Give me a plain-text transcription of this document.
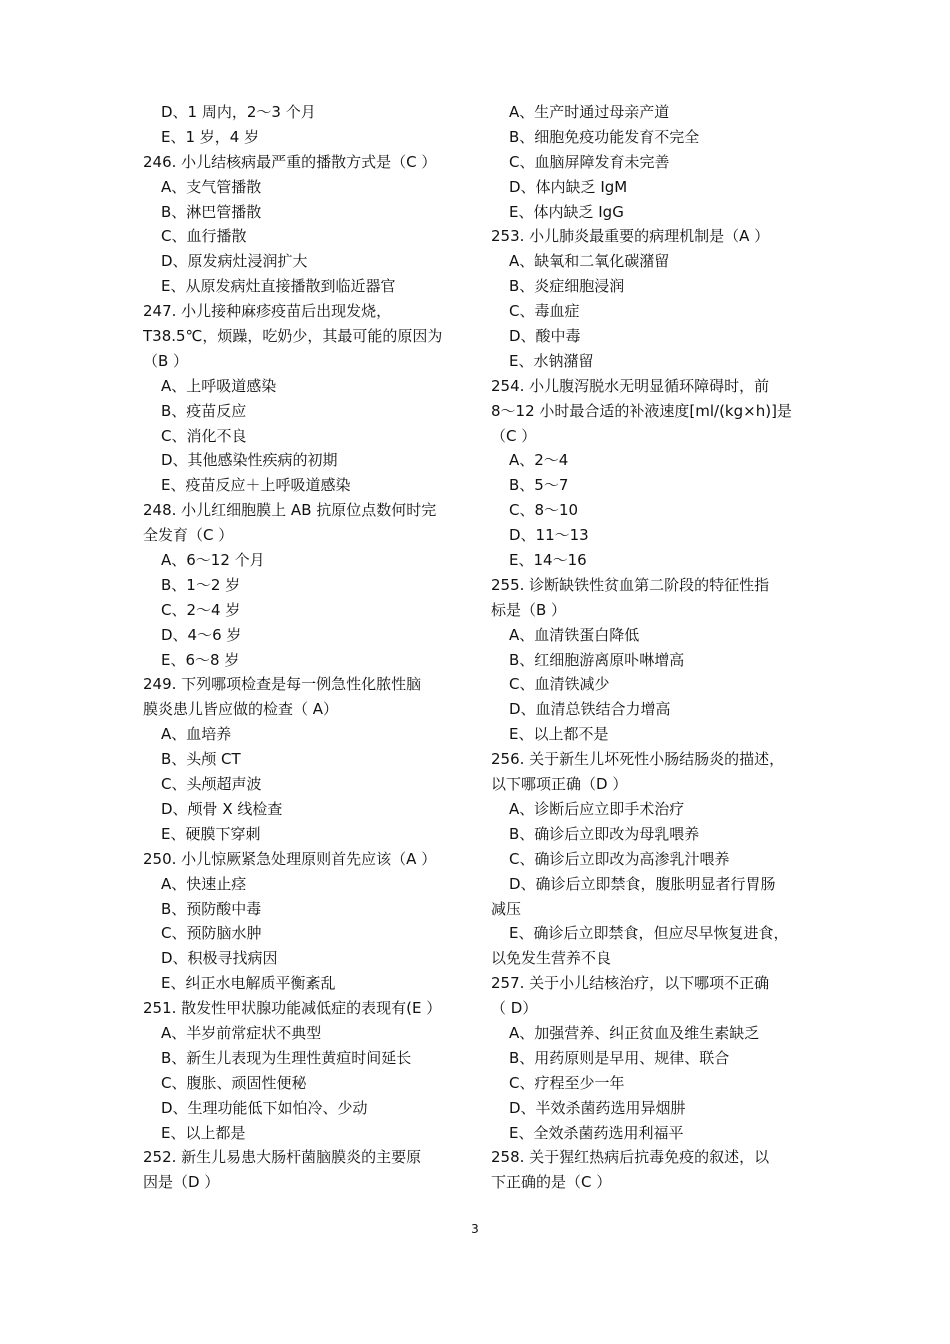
D、1 周内，2～3 个月
E、1 岁，4 岁
246. 小儿结核病最严重的播散方式是（C ）
A、支气管播散
B、淋巴管播散
C、血行播散
D、原发病灶浸润扩大
E、从原发病灶直接播散到临近器官
247. 小儿接种麻疹疫苗后出现发烧，
T38.5℃，烦躁，吃奶少，其最可能的原因为
（B ）
A、上呼吸道感染
B、疫苗反应
C、消化不良
D、其他感染性疾病的初期
E、疫苗反应＋上呼吸道感染
248. 小儿红细胞膜上 AB 抗原位点数何时完
全发育（C ）
A、6～12 个月
B、1～2 岁
C、2～4 岁
D、4～6 岁
E、6～8 岁
249. 下列哪项检查是每一例急性化脓性脑
膜炎患儿皆应做的检查（ A）
A、血培养
B、头颅 CT
C、头颅超声波
D、颅骨 X 线检查
E、硬膜下穿刺
250. 小儿惊厥紧急处理原则首先应该（A ）
A、快速止痉
B、预防酸中毒
C、预防脑水肿
D、积极寻找病因
E、纠正水电解质平衡紊乱
251. 散发性甲状腺功能减低症的表现有(E ）
A、半岁前常症状不典型
B、新生儿表现为生理性黄疸时间延长
C、腹胀、顽固性便秘
D、生理功能低下如怕冷、少动
E、以上都是
252. 新生儿易患大肠杆菌脑膜炎的主要原
因是（D ）
A、生产时通过母亲产道
B、细胞免疫功能发育不完全
C、血脑屏障发育未完善
D、体内缺乏 IgM
E、体内缺乏 IgG
253. 小儿肺炎最重要的病理机制是（A ）
A、缺氧和二氧化碳潴留
B、炎症细胞浸润
C、毒血症
D、酸中毒
E、水钠潴留
254. 小儿腹泻脱水无明显循环障碍时，前
8～12 小时最合适的补液速度[ml/(kg×h)]是
（C ）
A、2～4
B、5～7
C、8～10
D、11～13
E、14～16
255. 诊断缺铁性贫血第二阶段的特征性指
标是（B ）
A、血清铁蛋白降低
B、红细胞游离原卟啉增高
C、血清铁减少
D、血清总铁结合力增高
E、以上都不是
256. 关于新生儿坏死性小肠结肠炎的描述，
以下哪项正确（D ）
A、诊断后应立即手术治疗
B、确诊后立即改为母乳喂养
C、确诊后立即改为高渗乳汁喂养
D、确诊后立即禁食，腹胀明显者行胃肠
减压
E、确诊后立即禁食，但应尽早恢复进食，
以免发生营养不良
257. 关于小儿结核治疗，以下哪项不正确
（ D）
A、加强营养、纠正贫血及维生素缺乏
B、用药原则是早用、规律、联合
C、疗程至少一年
D、半效杀菌药选用异烟肼
E、全效杀菌药选用利福平
258. 关于猩红热病后抗毒免疫的叙述，以
下正确的是（C ）
3
